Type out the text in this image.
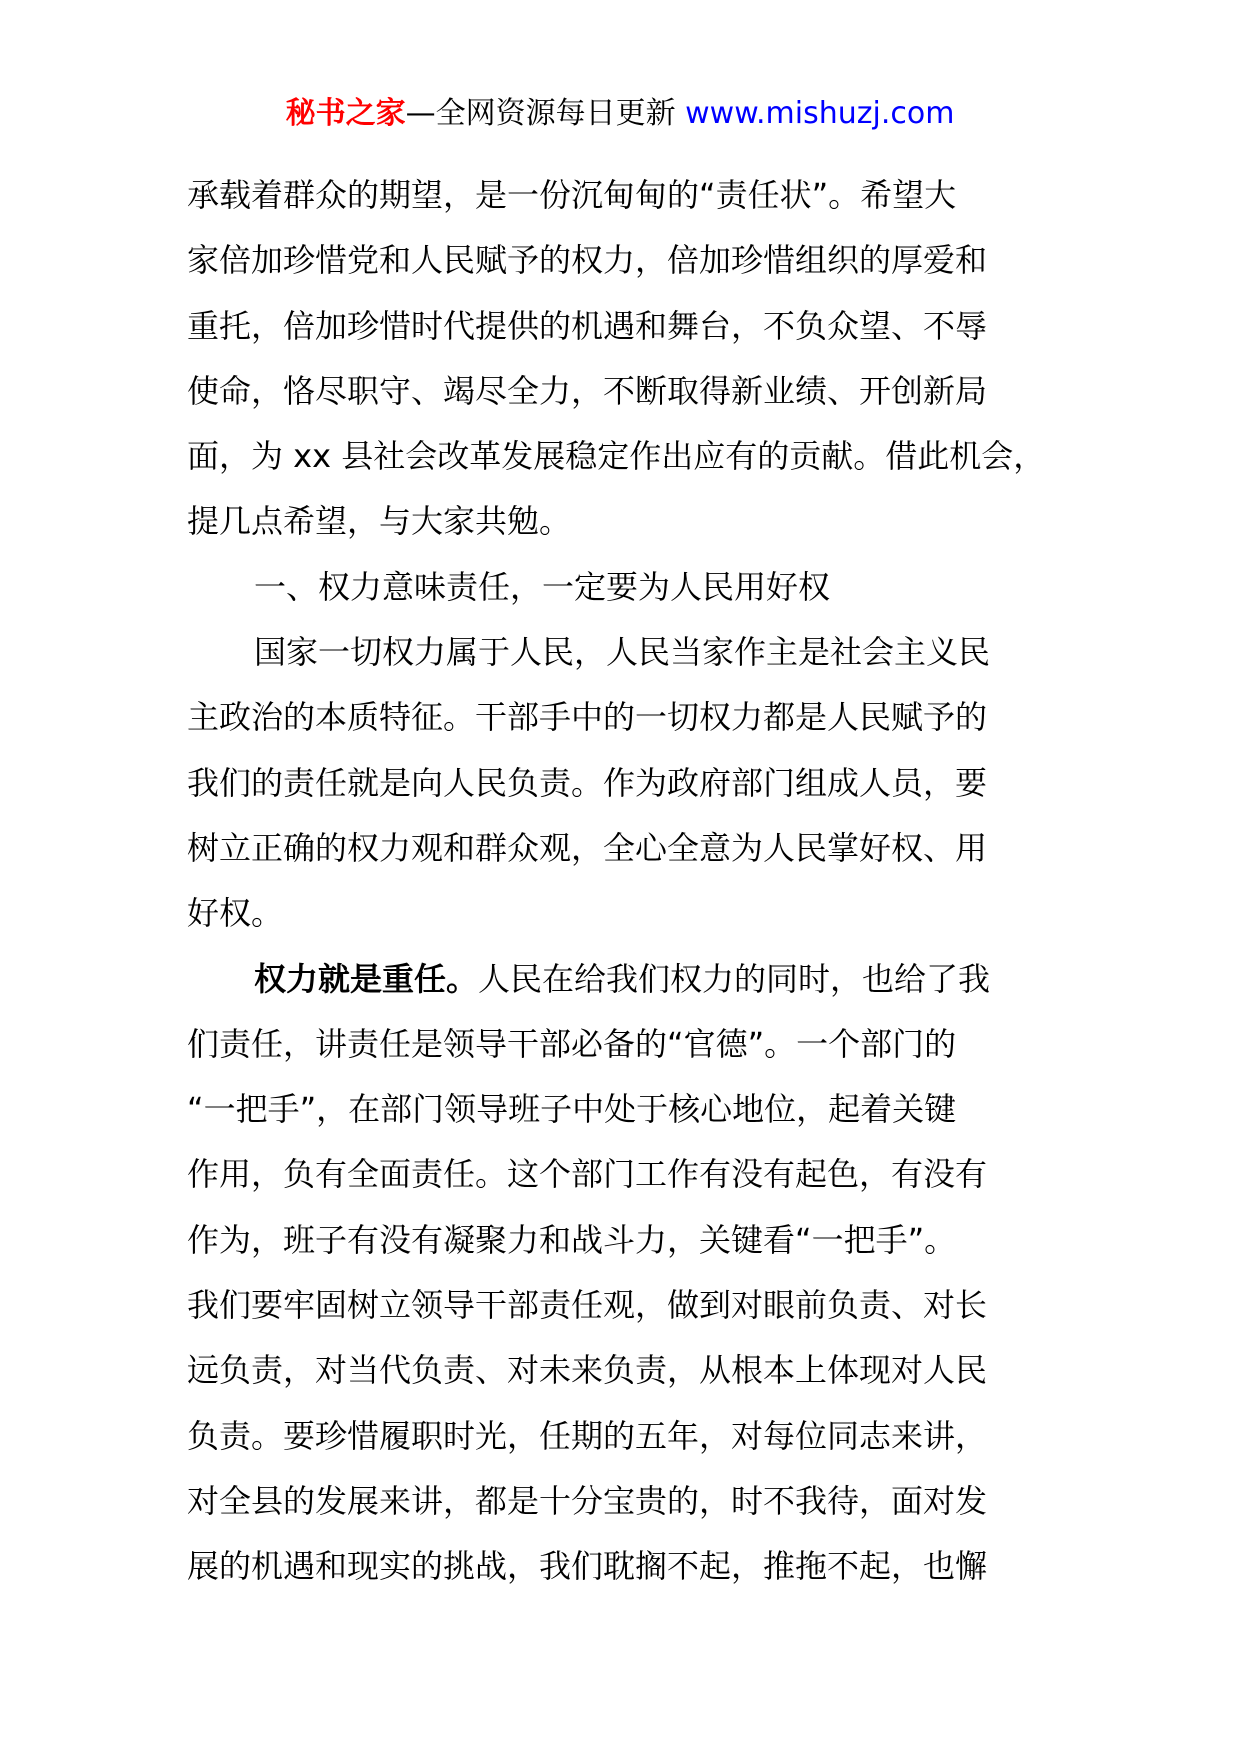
秘书之家—全网资源每日更新 www.mishuzj.com
承载着群众的期望，是一份沉甸甸的“责任状”。希望大
家倍加珍惜党和人民赋予的权力，倍加珍惜组织的厚爱和
重托，倍加珍惜时代提供的机遇和舞台，不负众望、不辱
使命，恪尽职守、竭尽全力，不断取得新业绩、开创新局
面，为 xx 县社会改革发展稳定作出应有的贡献。借此机会，
提几点希望，与大家共勉。
一、权力意味责任，一定要为人民用好权
国家一切权力属于人民，人民当家作主是社会主义民
主政治的本质特征。干部手中的一切权力都是人民赋予的
我们的责任就是向人民负责。作为政府部门组成人员，要
树立正确的权力观和群众观，全心全意为人民掌好权、用
好权。
权力就是重任。人民在给我们权力的同时，也给了我
们责任，讲责任是领导干部必备的“官德”。一个部门的
“一把手”，在部门领导班子中处于核心地位，起着关键
作用，负有全面责任。这个部门工作有没有起色，有没有
作为，班子有没有凝聚力和战斗力，关键看“一把手”。
我们要牢固树立领导干部责任观，做到对眼前负责、对长
远负责，对当代负责、对未来负责，从根本上体现对人民
负责。要珍惜履职时光，任期的五年，对每位同志来讲，
对全县的发展来讲，都是十分宝贵的，时不我待，面对发
展的机遇和现实的挑战，我们耽搁不起，推拖不起，也懈
